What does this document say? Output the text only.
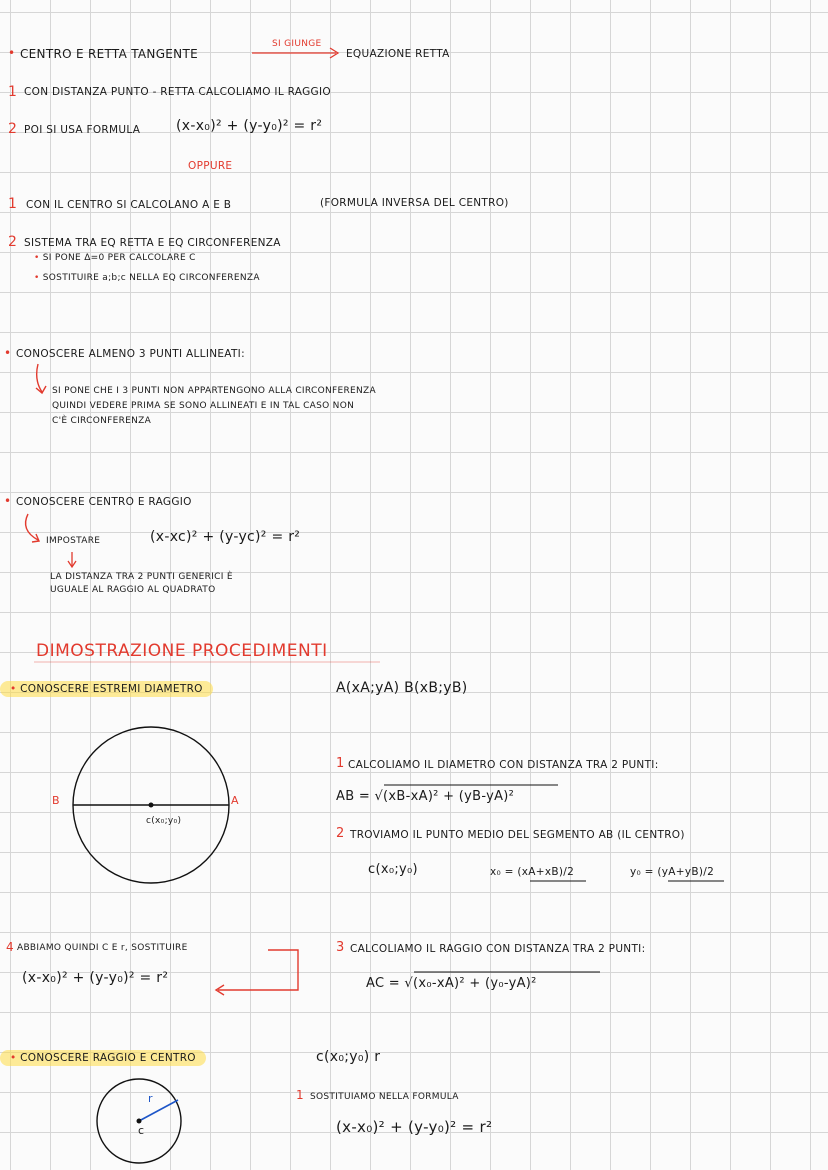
• CENTRO E RETTA TANGENTE
SI GIUNGE
EQUAZIONE RETTA
1 CON DISTANZA PUNTO - RETTA CALCOLIAMO IL RAGGIO
2 POI SI USA FORMULA	(x-x₀)² + (y-y₀)² = r²
OPPURE
1 CON IL CENTRO SI CALCOLANO A E B	(FORMULA INVERSA DEL CENTRO)
2 SISTEMA TRA EQ RETTA E EQ CIRCONFERENZA
• SI PONE Δ=0 PER CALCOLARE C
• SOSTITUIRE a;b;c NELLA EQ CIRCONFERENZA
• CONOSCERE ALMENO 3 PUNTI ALLINEATI:
SI PONE CHE I 3 PUNTI NON APPARTENGONO ALLA CIRCONFERENZA
QUINDI VEDERE PRIMA SE SONO ALLINEATI E IN TAL CASO NON
C'È CIRCONFERENZA
• CONOSCERE CENTRO E RAGGIO
IMPOSTARE	(x-xc)² + (y-yc)² = r²
LA DISTANZA TRA 2 PUNTI GENERICI È
UGUALE AL RAGGIO AL QUADRATO
DIMOSTRAZIONE PROCEDIMENTI
• CONOSCERE ESTREMI DIAMETRO	A(xA;yA) B(xB;yB)
B	A
c(x₀;y₀)
1 CALCOLIAMO IL DIAMETRO CON DISTANZA TRA 2 PUNTI:
AB = √(xB-xA)² + (yB-yA)²
2 TROVIAMO IL PUNTO MEDIO DEL SEGMENTO AB (IL CENTRO)
c(x₀;y₀)	x₀ = (xA+xB)/2	y₀ = (yA+yB)/2
3 CALCOLIAMO IL RAGGIO CON DISTANZA TRA 2 PUNTI:
AC = √(x₀-xA)² + (y₀-yA)²
4 ABBIAMO QUINDI C E r, SOSTITUIRE
(x-x₀)² + (y-y₀)² = r²
• CONOSCERE RAGGIO E CENTRO	c(x₀;y₀) r
1 SOSTITUIAMO NELLA FORMULA
(x-x₀)² + (y-y₀)² = r²
r
c
